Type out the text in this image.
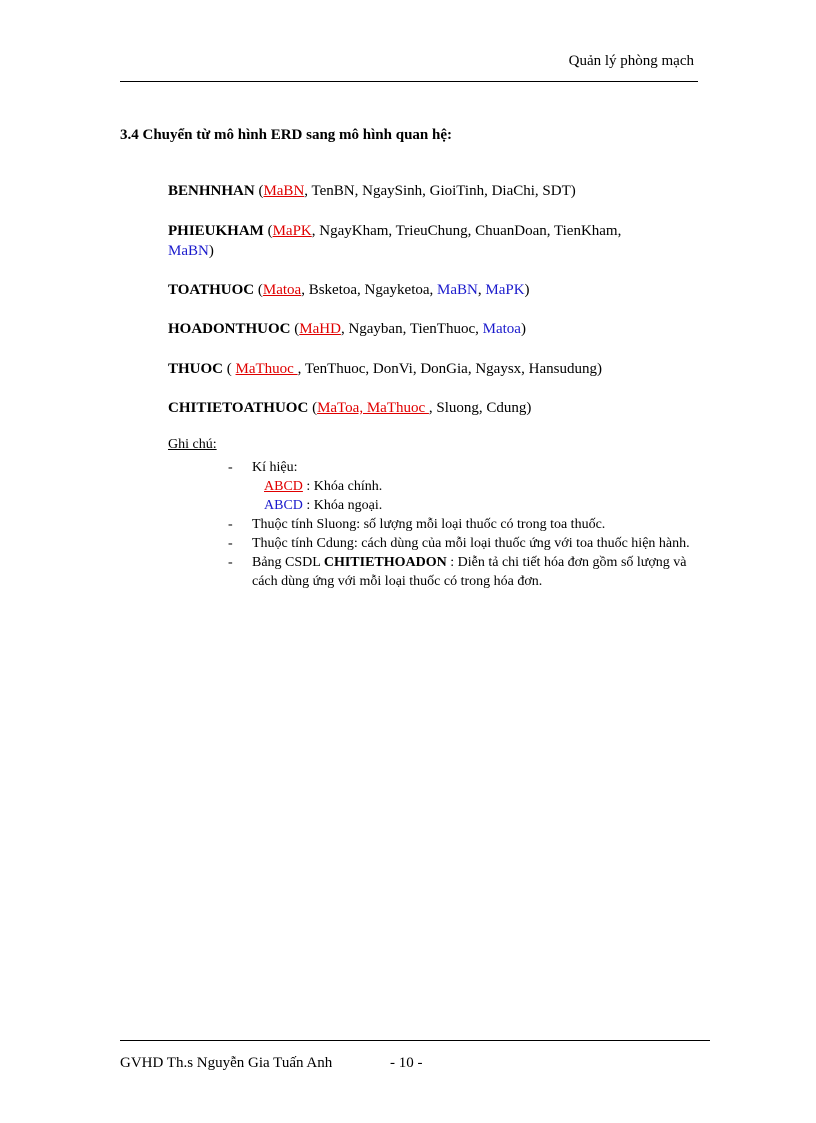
Quản lý phòng mạch
3.4 Chuyển từ mô hình ERD sang mô hình quan hệ:
BENHNHAN (MaBN, TenBN, NgaySinh, GioiTinh, DiaChi, SDT)
PHIEUKHAM (MaPK, NgayKham, TrieuChung, ChuanDoan, TienKham,
MaBN)
TOATHUOC (Matoa, Bsketoa, Ngayketoa, MaBN, MaPK)
HOADONTHUOC (MaHD, Ngayban, TienThuoc, Matoa)
THUOC ( MaThuoc , TenThuoc, DonVi, DonGia, Ngaysx, Hansudung)
CHITIETOATHUOC (MaToa, MaThuoc , Sluong, Cdung)
Ghi chú:
-	Kí hiệu:
ABCD : Khóa chính.
ABCD : Khóa ngoại.
-	Thuộc tính Sluong: số lượng mỗi loại thuốc có trong toa thuốc.
-	Thuộc tính Cdung: cách dùng của mỗi loại thuốc ứng với toa thuốc hiện hành.
-	Bảng CSDL CHITIETHOADON : Diễn tả chi tiết hóa đơn gồm số lượng và cách dùng ứng với mỗi loại thuốc có trong hóa đơn.
GVHD Th.s Nguyễn Gia Tuấn Anh	- 10 -
